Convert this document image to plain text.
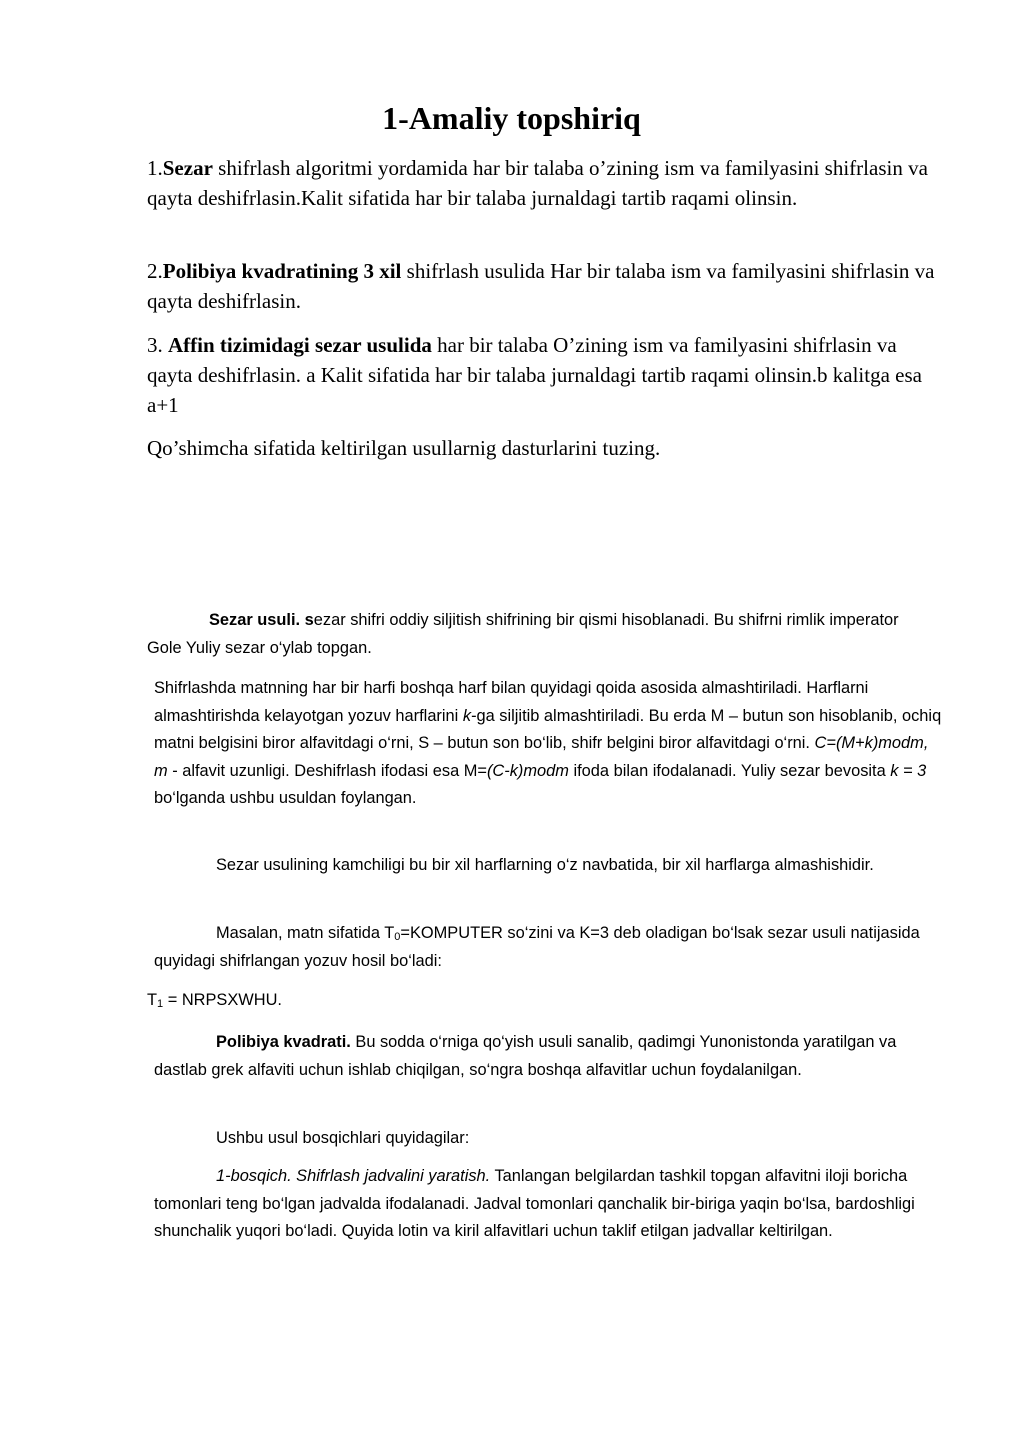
1-Amaliy topshiriq
1.Sezar shifrlash algoritmi yordamida har bir talaba o’zining ism va familyasini shifrlasin va qayta deshifrlasin.Kalit sifatida har bir talaba jurnaldagi tartib raqami olinsin.
2.Polibiya kvadratining 3 xil shifrlash usulida Har bir talaba ism va familyasini shifrlasin va qayta deshifrlasin.
3. Affin tizimidagi sezar usulida har bir talaba O’zining ism va familyasini shifrlasin va qayta deshifrlasin. a Kalit sifatida har bir talaba jurnaldagi tartib raqami olinsin.b kalitga esa a+1
Qo’shimcha sifatida keltirilgan usullarnig dasturlarini tuzing.
Sezar usuli. sezar shifri oddiy siljitish shifrining bir qismi hisoblanadi. Bu shifrni rimlik imperator Gole Yuliy sezar o‘ylab topgan.
Shifrlashda matnning har bir harfi boshqa harf bilan quyidagi qoida asosida almashtiriladi. Harflarni almashtirishda kelayotgan yozuv harflarini k-ga siljitib almashtiriladi. Bu erda M – butun son hisoblanib, ochiq matni belgisini biror alfavitdagi o‘rni, S – butun son bo‘lib, shifr belgini biror alfavitdagi o‘rni. C=(M+k)modm, m - alfavit uzunligi. Deshifrlash ifodasi esa M=(C-k)modm ifoda bilan ifodalanadi. Yuliy sezar bevosita k = 3 bo‘lganda ushbu usuldan foylangan.
Sezar usulining kamchiligi bu bir xil harflarning o‘z navbatida, bir xil harflarga almashishidir.
Masalan, matn sifatida $T_0=KOMPUTER$ so‘zini va K=3 deb oladigan bo‘lsak sezar usuli natijasida quyidagi shifrlangan yozuv hosil bo‘ladi:
$T_1$ = NRPSXWHU.
Polibiya kvadrati. Bu sodda o‘rniga qo‘yish usuli sanalib, qadimgi Yunonistonda yaratilgan va dastlab grek alfaviti uchun ishlab chiqilgan, so‘ngra boshqa alfavitlar uchun foydalanilgan.
Ushbu usul bosqichlari quyidagilar:
1-bosqich. Shifrlash jadvalini yaratish. Tanlangan belgilardan tashkil topgan alfavitni iloji boricha tomonlari teng bo‘lgan jadvalda ifodalanadi. Jadval tomonlari qanchalik bir-biriga yaqin bo‘lsa, bardoshligi shunchalik yuqori bo‘ladi. Quyida lotin va kiril alfavitlari uchun taklif etilgan jadvallar keltirilgan.
